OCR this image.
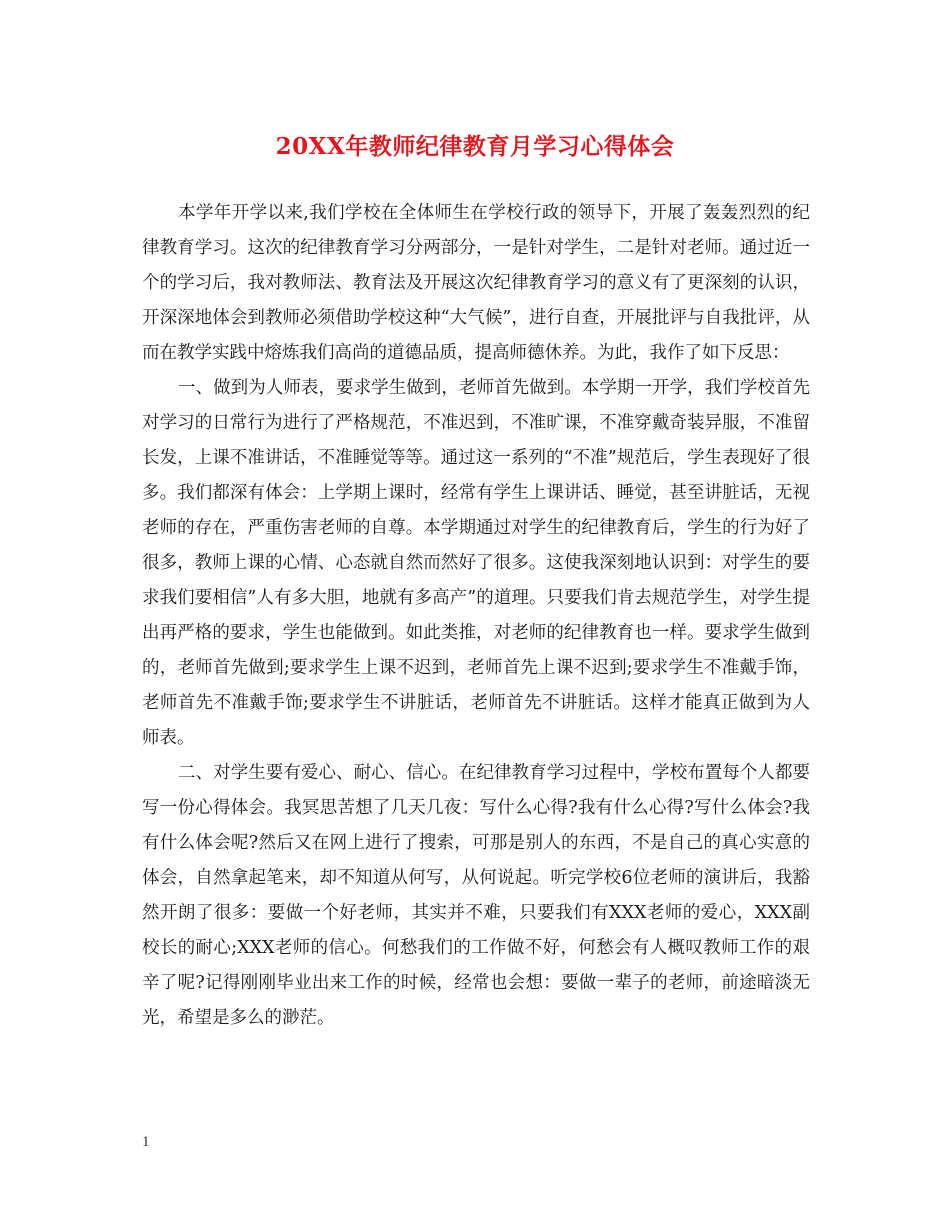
20XX年教师纪律教育月学习心得体会

本学年开学以来,我们学校在全体师生在学校行政的领导下，开展了轰轰烈烈的纪律教育学习。这次的纪律教育学习分两部分，一是针对学生，二是针对老师。通过近一个的学习后，我对教师法、教育法及开展这次纪律教育学习的意义有了更深刻的认识，开深深地体会到教师必须借助学校这种“大气候”，进行自查，开展批评与自我批评，从而在教学实践中熔炼我们高尚的道德品质，提高师德休养。为此，我作了如下反思：

一、做到为人师表，要求学生做到，老师首先做到。本学期一开学，我们学校首先对学习的日常行为进行了严格规范，不准迟到，不准旷课，不准穿戴奇装异服，不准留长发，上课不准讲话，不准睡觉等等。通过这一系列的“不准”规范后，学生表现好了很多。我们都深有体会：上学期上课时，经常有学生上课讲话、睡觉，甚至讲脏话，无视老师的存在，严重伤害老师的自尊。本学期通过对学生的纪律教育后，学生的行为好了很多，教师上课的心情、心态就自然而然好了很多。这使我深刻地认识到：对学生的要求我们要相信”人有多大胆，地就有多高产”的道理。只要我们肯去规范学生，对学生提出再严格的要求，学生也能做到。如此类推，对老师的纪律教育也一样。要求学生做到的，老师首先做到;要求学生上课不迟到，老师首先上课不迟到;要求学生不准戴手饰，老师首先不准戴手饰;要求学生不讲脏话，老师首先不讲脏话。这样才能真正做到为人师表。

二、对学生要有爱心、耐心、信心。在纪律教育学习过程中，学校布置每个人都要写一份心得体会。我冥思苦想了几天几夜：写什么心得?我有什么心得?写什么体会?我有什么体会呢?然后又在网上进行了搜索，可那是别人的东西，不是自己的真心实意的体会，自然拿起笔来，却不知道从何写，从何说起。听完学校6位老师的演讲后，我豁然开朗了很多：要做一个好老师，其实并不难，只要我们有XXX老师的爱心，XXX副校长的耐心;XXX老师的信心。何愁我们的工作做不好，何愁会有人概叹教师工作的艰辛了呢?记得刚刚毕业出来工作的时候，经常也会想：要做一辈子的老师，前途暗淡无光，希望是多么的渺茫。

1
